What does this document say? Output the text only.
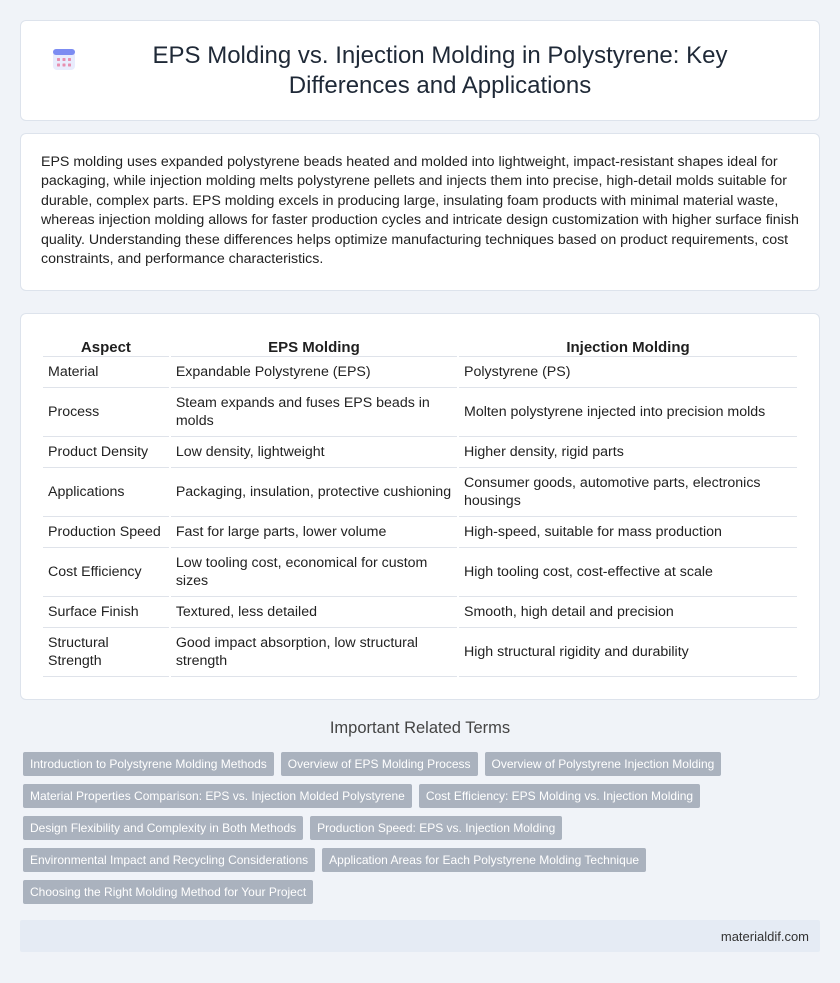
EPS Molding vs. Injection Molding in Polystyrene: Key Differences and Applications

EPS molding uses expanded polystyrene beads heated and molded into lightweight, impact-resistant shapes ideal for packaging, while injection molding melts polystyrene pellets and injects them into precise, high-detail molds suitable for durable, complex parts. EPS molding excels in producing large, insulating foam products with minimal material waste, whereas injection molding allows for faster production cycles and intricate design customization with higher surface finish quality. Understanding these differences helps optimize manufacturing techniques based on product requirements, cost constraints, and performance characteristics.

Aspect	EPS Molding	Injection Molding
Material	Expandable Polystyrene (EPS)	Polystyrene (PS)
Process	Steam expands and fuses EPS beads in molds	Molten polystyrene injected into precision molds
Product Density	Low density, lightweight	Higher density, rigid parts
Applications	Packaging, insulation, protective cushioning	Consumer goods, automotive parts, electronics housings
Production Speed	Fast for large parts, lower volume	High-speed, suitable for mass production
Cost Efficiency	Low tooling cost, economical for custom sizes	High tooling cost, cost-effective at scale
Surface Finish	Textured, less detailed	Smooth, high detail and precision
Structural Strength	Good impact absorption, low structural strength	High structural rigidity and durability
Important Related Terms
Introduction to Polystyrene Molding Methods	Overview of EPS Molding Process	Overview of Polystyrene Injection Molding
Material Properties Comparison: EPS vs. Injection Molded Polystyrene	Cost Efficiency: EPS Molding vs. Injection Molding
Design Flexibility and Complexity in Both Methods	Production Speed: EPS vs. Injection Molding
Environmental Impact and Recycling Considerations	Application Areas for Each Polystyrene Molding Technique
Choosing the Right Molding Method for Your Project
materialdif.com
